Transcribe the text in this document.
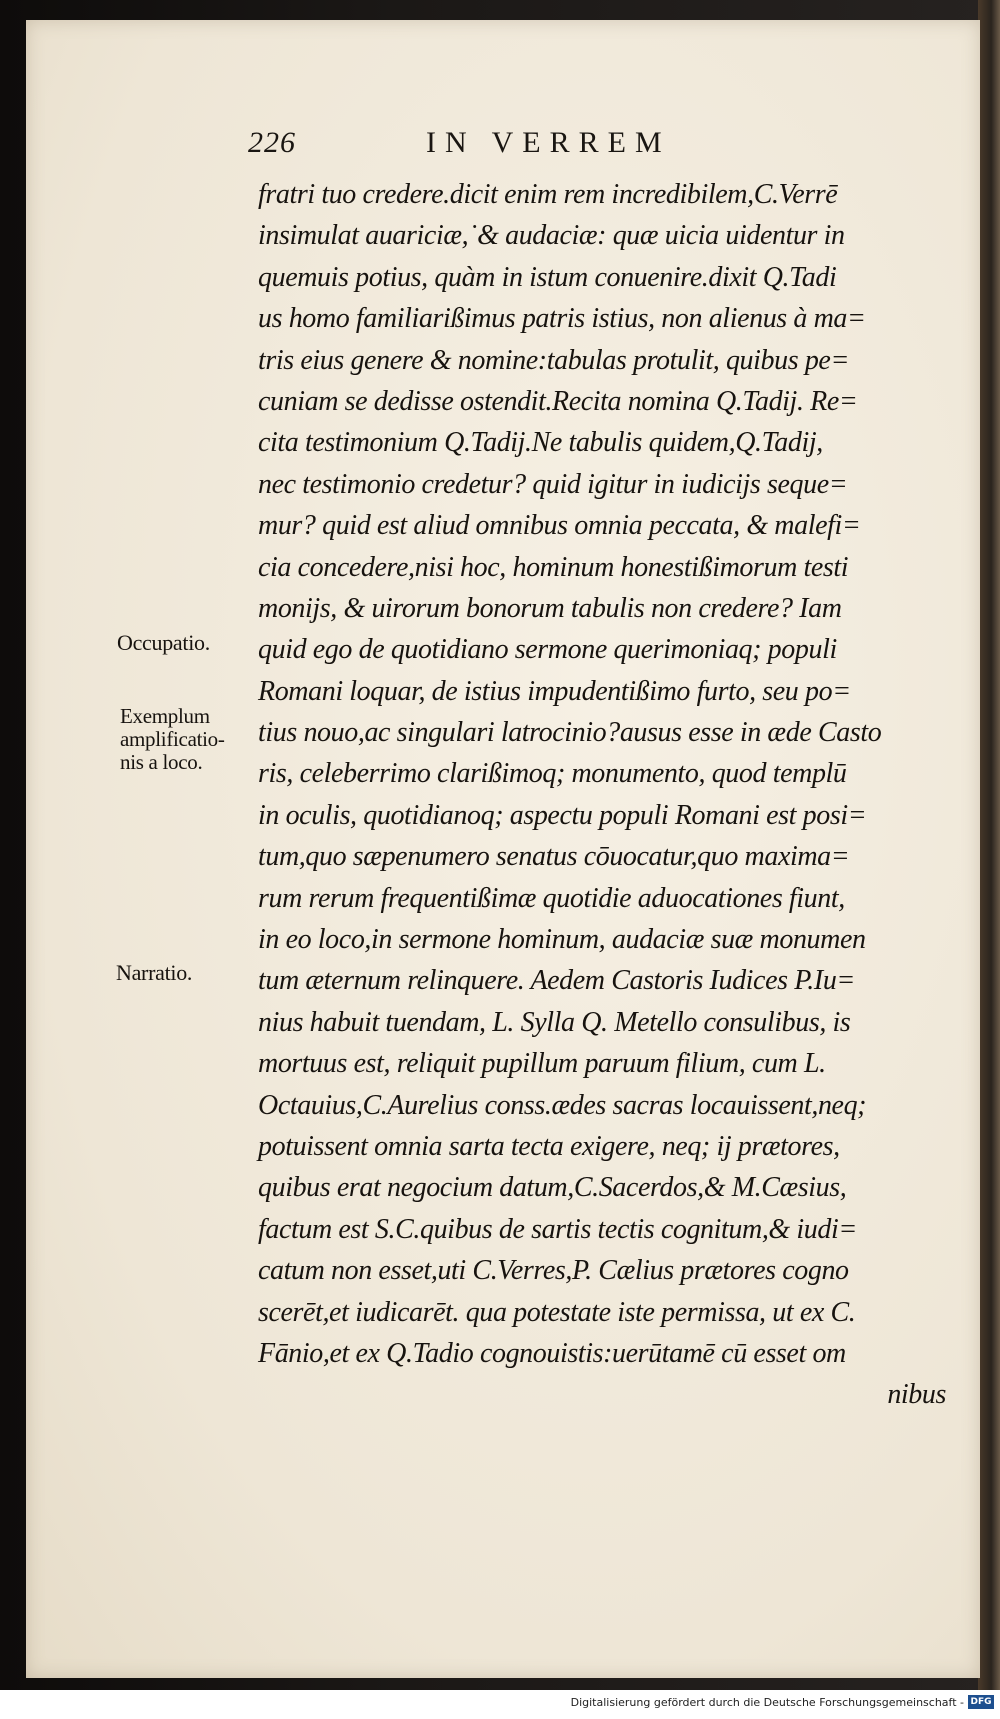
226	IN VERREM
fratri tuo credere.dicit enim rem incredibilem,C.Verrē
insimulat auariciæ,˙& audaciæ: quæ uicia uidentur in
quemuis potius, quàm in istum conuenire.dixit Q.Tadi
us homo familiarißimus patris istius, non alienus à ma=
tris eius genere & nomine:tabulas protulit, quibus pe=
cuniam se dedisse ostendit.Recita nomina Q.Tadij. Re=
cita testimonium Q.Tadij.Ne tabulis quidem,Q.Tadij,
nec testimonio credetur? quid igitur in iudicijs seque=
mur? quid est aliud omnibus omnia peccata, & malefi=
cia concedere,nisi hoc, hominum honestißimorum testi
monijs, & uirorum bonorum tabulis non credere? Iam
quid ego de quotidiano sermone querimoniaq; populi
Romani loquar, de istius impudentißimo furto, seu po=
tius nouo,ac singulari latrocinio?ausus esse in æde Casto
ris, celeberrimo clarißimoq; monumento, quod templū
in oculis, quotidianoq; aspectu populi Romani est posi=
tum,quo sæpenumero senatus cōuocatur,quo maxima=
rum rerum frequentißimæ quotidie aduocationes fiunt,
in eo loco,in sermone hominum, audaciæ suæ monumen
tum æternum relinquere. Aedem Castoris Iudices P.Iu=
nius habuit tuendam, L. Sylla Q. Metello consulibus, is
mortuus est, reliquit pupillum paruum filium, cum L.
Octauius,C.Aurelius conss.ædes sacras locauissent,neq;
potuissent omnia sarta tecta exigere, neq; ij prætores,
quibus erat negocium datum,C.Sacerdos,& M.Cæsius,
factum est S.C.quibus de sartis tectis cognitum,& iudi=
catum non esset,uti C.Verres,P. Cælius prætores cogno
scerēt,et iudicarēt. qua potestate iste permissa, ut ex C.
Fānio,et ex Q.Tadio cognouistis:uerūtamē cū esset om
nibus
Occupatio.
Exemplum
amplificatio-
nis a loco.
Narratio.
Digitalisierung gefördert durch die Deutsche Forschungsgemeinschaft - DFG
